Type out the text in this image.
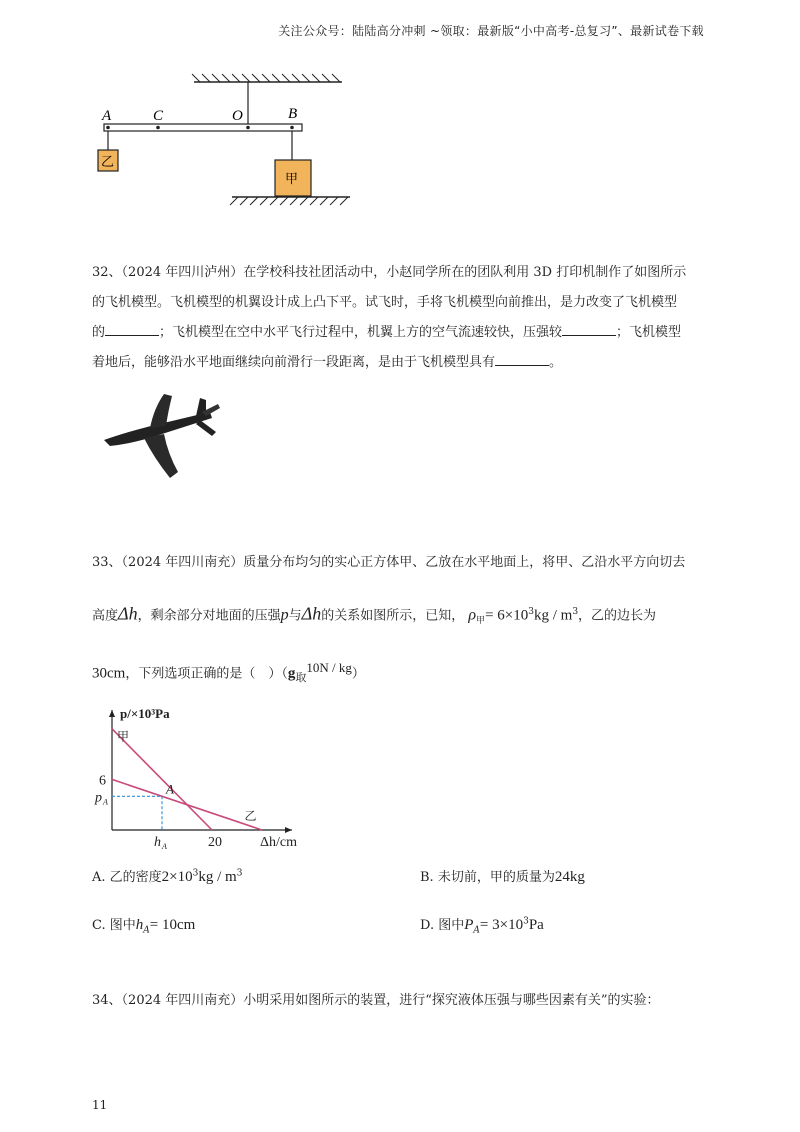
关注公众号：陆陆高分冲刺 ~领取：最新版“小中高考-总复习”、最新试卷下载
A	C	O	B
乙
甲
32、（2024 年四川泸州）在学校科技社团活动中，小赵同学所在的团队利用 3D 打印机制作了如图所示
的飞机模型。飞机模型的机翼设计成上凸下平。试飞时，手将飞机模型向前推出，是力改变了飞机模型
的	；飞机模型在空中水平飞行过程中，机翼上方的空气流速较快，压强较	；飞机模型
着地后，能够沿水平地面继续向前滑行一段距离，是由于飞机模型具有	。
33、（2024 年四川南充）质量分布均匀的实心正方体甲、乙放在水平地面上，将甲、乙沿水平方向切去
高度Δh，剩余部分对地面的压强p与Δh的关系如图所示，已知， $\rho_甲= 6\times 10^3kg / m^3$，乙的边长为
30cm，下列选项正确的是（　）$(g_取^{10N / kg})$
甲
乙
A
6
p A
h A	20
p/×10³Pa
Δh/cm
A. 乙的密度$2\times 10^3kg / m^3$	B. 未切前，甲的质量为24kg
C. 图中$h_A= 10cm$	D. 图中$P_A= 3\times 10^3Pa$
34、（2024 年四川南充）小明采用如图所示的装置，进行“探究液体压强与哪些因素有关”的实验：
11
